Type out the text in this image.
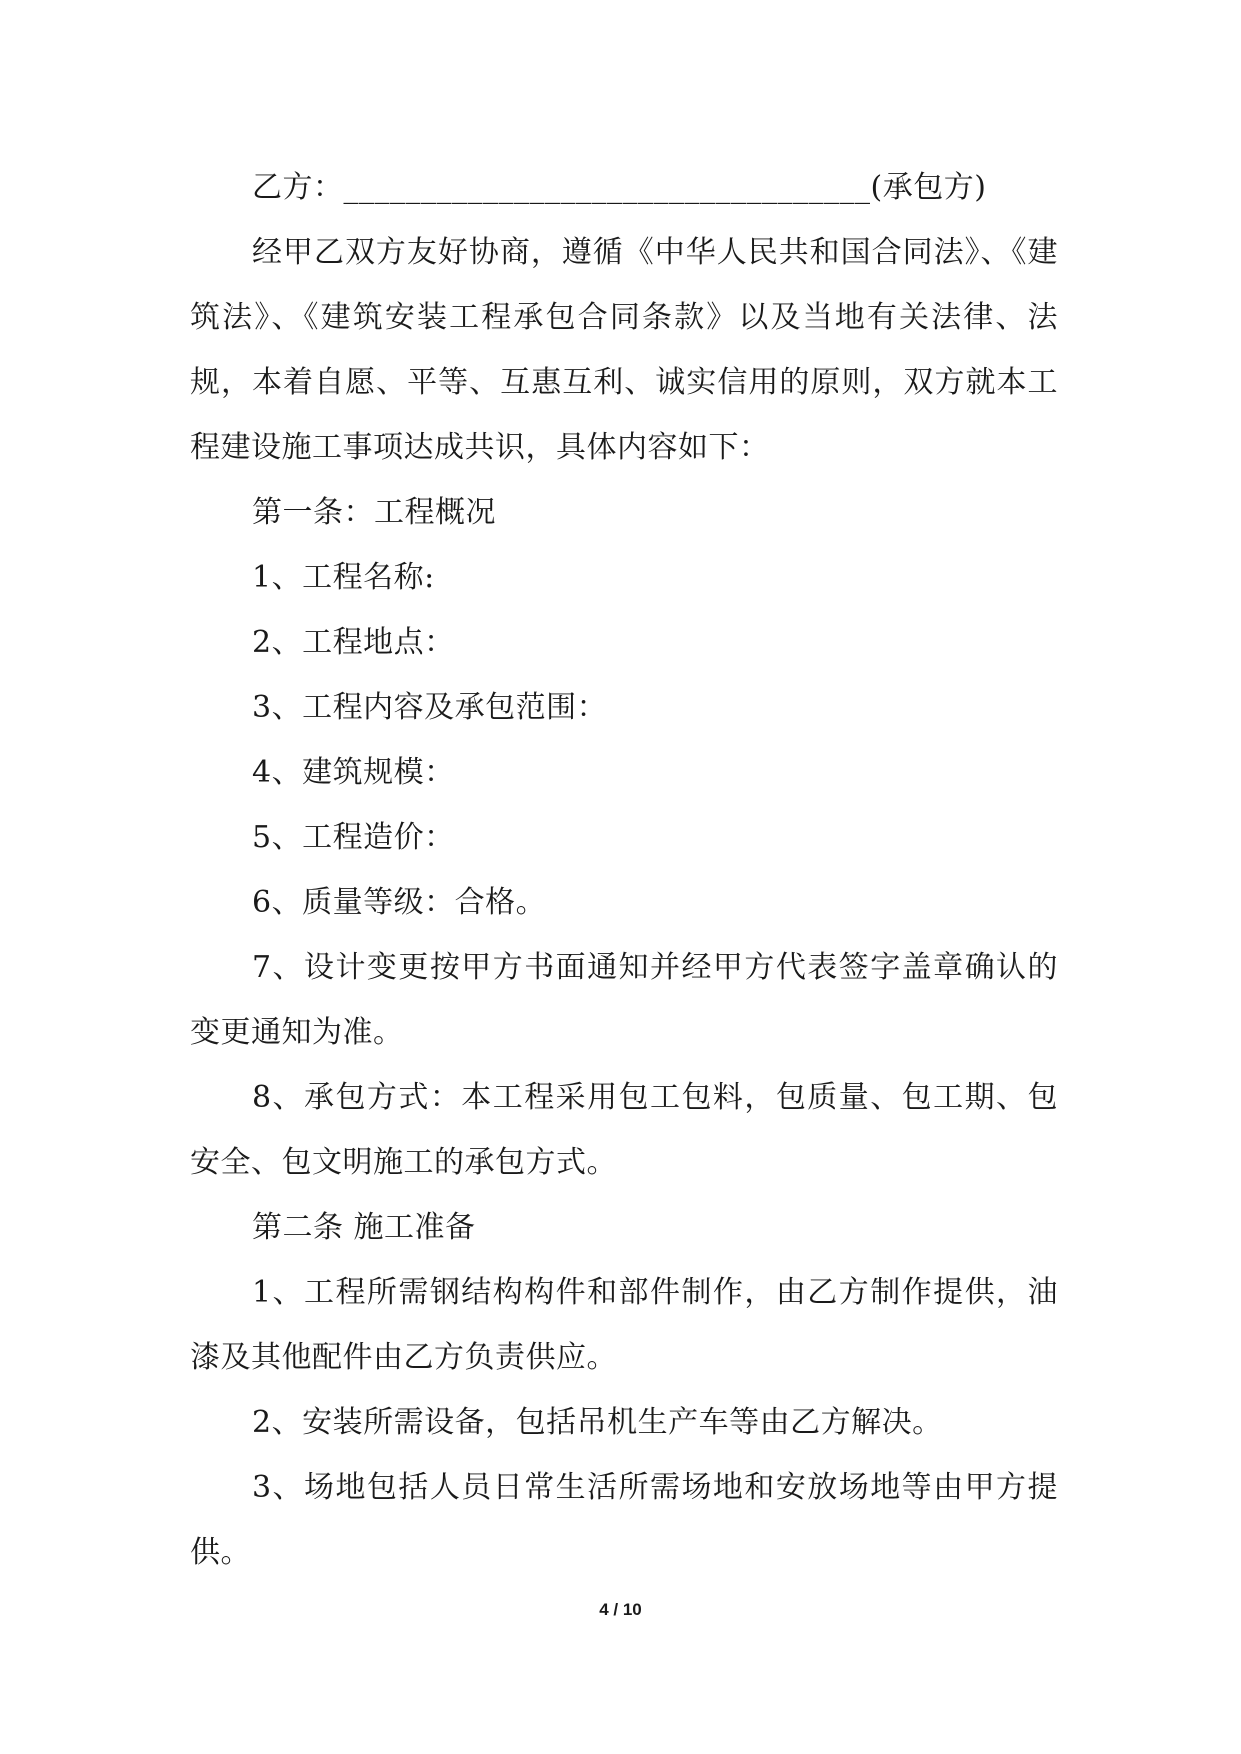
乙方：__________________________________(承包方)

经甲乙双方友好协商，遵循《中华人民共和国合同法》、《建筑法》、《建筑安装工程承包合同条款》以及当地有关法律、法规，本着自愿、平等、互惠互利、诚实信用的原则，双方就本工程建设施工事项达成共识，具体内容如下：

第一条：工程概况

1、工程名称:

2、工程地点：

3、工程内容及承包范围：

4、建筑规模：

5、工程造价：

6、质量等级：合格。

7、设计变更按甲方书面通知并经甲方代表签字盖章确认的变更通知为准。

8、承包方式：本工程采用包工包料，包质量、包工期、包安全、包文明施工的承包方式。

第二条 施工准备

1、工程所需钢结构构件和部件制作，由乙方制作提供，油漆及其他配件由乙方负责供应。

2、安装所需设备，包括吊机生产车等由乙方解决。

3、场地包括人员日常生活所需场地和安放场地等由甲方提供。

4 / 10
